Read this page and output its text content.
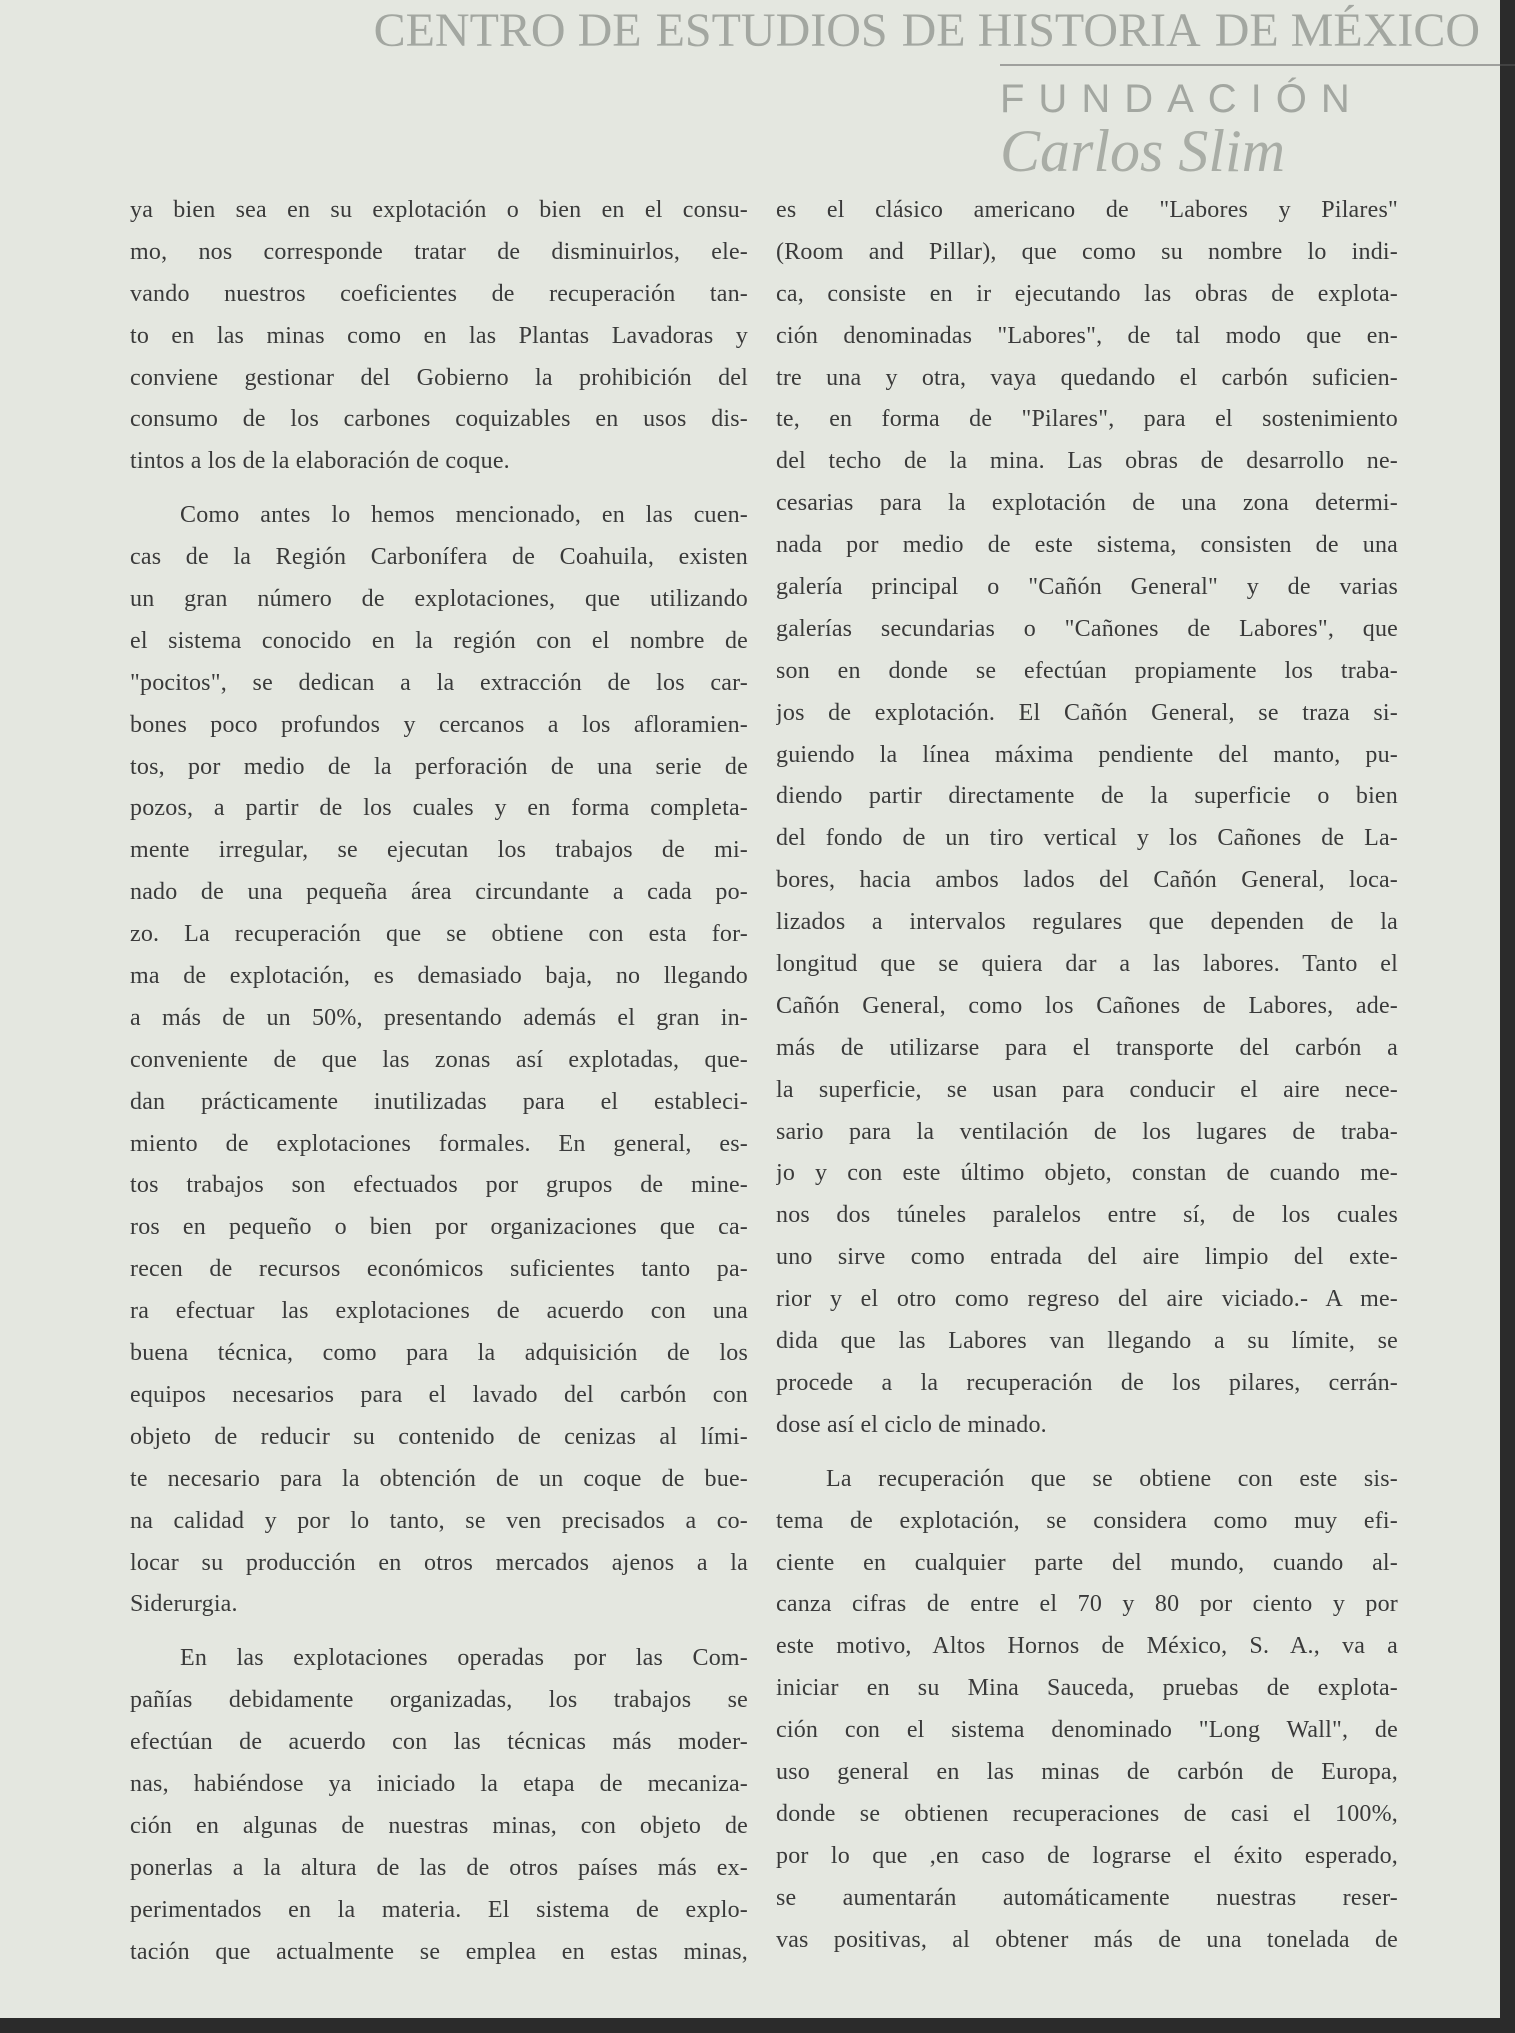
CENTRO DE ESTUDIOS DE HISTORIA DE MÉXICO
FUNDACIÓN
Carlos Slim
ya bien sea en su explotación o bien en el consu-
mo, nos corresponde tratar de disminuirlos, ele-
vando nuestros coeficientes de recuperación tan-
to en las minas como en las Plantas Lavadoras y
conviene gestionar del Gobierno la prohibición del
consumo de los carbones coquizables en usos dis-
tintos a los de la elaboración de coque.
Como antes lo hemos mencionado, en las cuen-
cas de la Región Carbonífera de Coahuila, existen
un gran número de explotaciones, que utilizando
el sistema conocido en la región con el nombre de
"pocitos", se dedican a la extracción de los car-
bones poco profundos y cercanos a los afloramien-
tos, por medio de la perforación de una serie de
pozos, a partir de los cuales y en forma completa-
mente irregular, se ejecutan los trabajos de mi-
nado de una pequeña área circundante a cada po-
zo. La recuperación que se obtiene con esta for-
ma de explotación, es demasiado baja, no llegando
a más de un 50%, presentando además el gran in-
conveniente de que las zonas así explotadas, que-
dan prácticamente inutilizadas para el estableci-
miento de explotaciones formales. En general, es-
tos trabajos son efectuados por grupos de mine-
ros en pequeño o bien por organizaciones que ca-
recen de recursos económicos suficientes tanto pa-
ra efectuar las explotaciones de acuerdo con una
buena técnica, como para la adquisición de los
equipos necesarios para el lavado del carbón con
objeto de reducir su contenido de cenizas al lími-
te necesario para la obtención de un coque de bue-
na calidad y por lo tanto, se ven precisados a co-
locar su producción en otros mercados ajenos a la
Siderurgia.
En las explotaciones operadas por las Com-
pañías debidamente organizadas, los trabajos se
efectúan de acuerdo con las técnicas más moder-
nas, habiéndose ya iniciado la etapa de mecaniza-
ción en algunas de nuestras minas, con objeto de
ponerlas a la altura de las de otros países más ex-
perimentados en la materia. El sistema de explo-
tación que actualmente se emplea en estas minas,
es el clásico americano de "Labores y Pilares"
(Room and Pillar), que como su nombre lo indi-
ca, consiste en ir ejecutando las obras de explota-
ción denominadas "Labores", de tal modo que en-
tre una y otra, vaya quedando el carbón suficien-
te, en forma de "Pilares", para el sostenimiento
del techo de la mina. Las obras de desarrollo ne-
cesarias para la explotación de una zona determi-
nada por medio de este sistema, consisten de una
galería principal o "Cañón General" y de varias
galerías secundarias o "Cañones de Labores", que
son en donde se efectúan propiamente los traba-
jos de explotación. El Cañón General, se traza si-
guiendo la línea máxima pendiente del manto, pu-
diendo partir directamente de la superficie o bien
del fondo de un tiro vertical y los Cañones de La-
bores, hacia ambos lados del Cañón General, loca-
lizados a intervalos regulares que dependen de la
longitud que se quiera dar a las labores. Tanto el
Cañón General, como los Cañones de Labores, ade-
más de utilizarse para el transporte del carbón a
la superficie, se usan para conducir el aire nece-
sario para la ventilación de los lugares de traba-
jo y con este último objeto, constan de cuando me-
nos dos túneles paralelos entre sí, de los cuales
uno sirve como entrada del aire limpio del exte-
rior y el otro como regreso del aire viciado.- A me-
dida que las Labores van llegando a su límite, se
procede a la recuperación de los pilares, cerrán-
dose así el ciclo de minado.
La recuperación que se obtiene con este sis-
tema de explotación, se considera como muy efi-
ciente en cualquier parte del mundo, cuando al-
canza cifras de entre el 70 y 80 por ciento y por
este motivo, Altos Hornos de México, S. A., va a
iniciar en su Mina Sauceda, pruebas de explota-
ción con el sistema denominado "Long Wall", de
uso general en las minas de carbón de Europa,
donde se obtienen recuperaciones de casi el 100%,
por lo que ,en caso de lograrse el éxito esperado,
se aumentarán automáticamente nuestras reser-
vas positivas, al obtener más de una tonelada de
